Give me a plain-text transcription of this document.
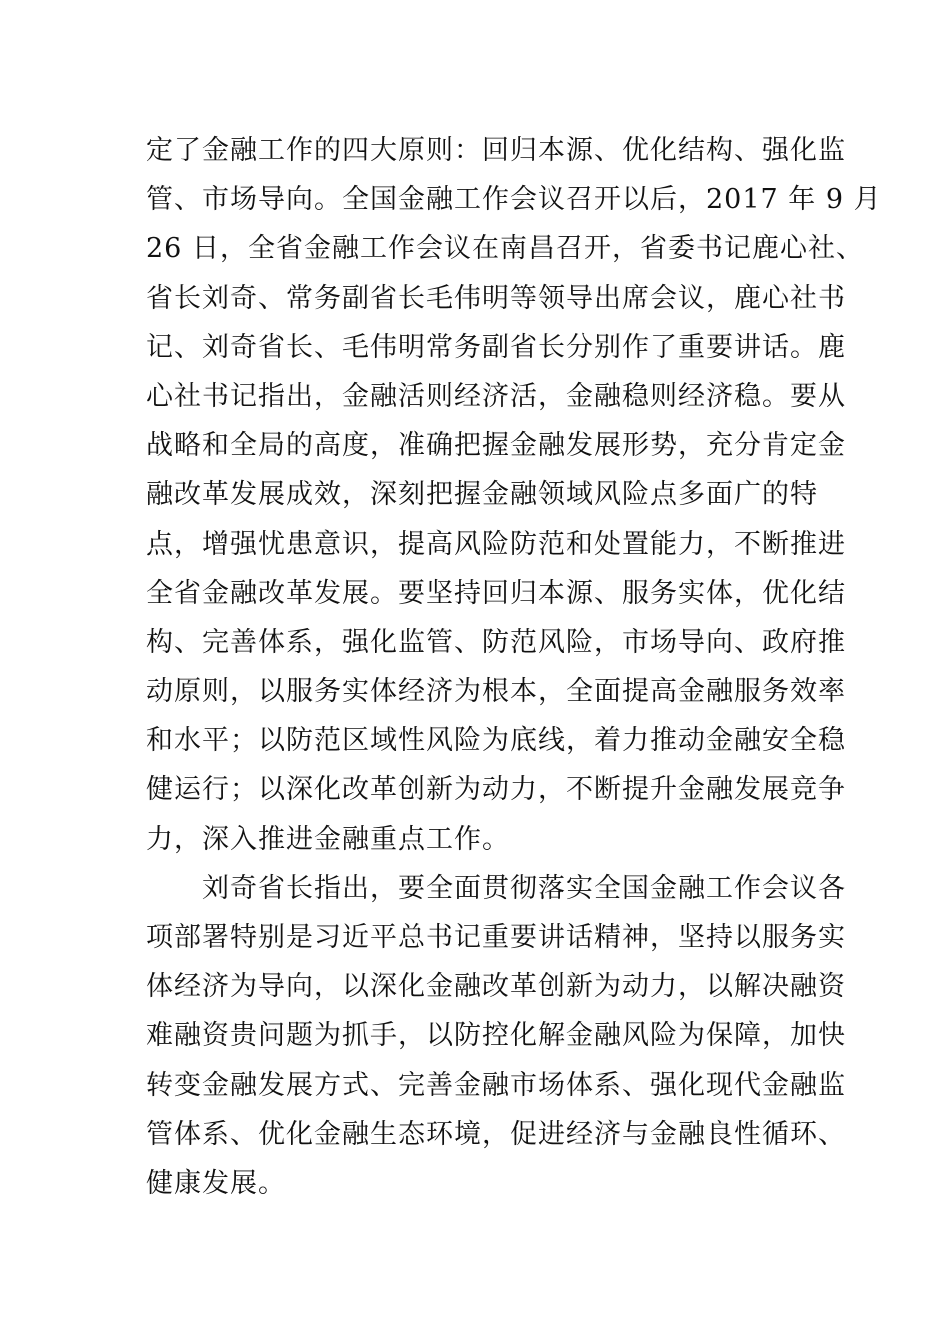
定了金融工作的四大原则：回归本源、优化结构、强化监
管、市场导向。全国金融工作会议召开以后，2017 年 9 月
26 日，全省金融工作会议在南昌召开，省委书记鹿心社、
省长刘奇、常务副省长毛伟明等领导出席会议，鹿心社书
记、刘奇省长、毛伟明常务副省长分别作了重要讲话。鹿
心社书记指出，金融活则经济活，金融稳则经济稳。要从
战略和全局的高度，准确把握金融发展形势，充分肯定金
融改革发展成效，深刻把握金融领域风险点多面广的特
点，增强忧患意识，提高风险防范和处置能力，不断推进
全省金融改革发展。要坚持回归本源、服务实体，优化结
构、完善体系，强化监管、防范风险，市场导向、政府推
动原则，以服务实体经济为根本，全面提高金融服务效率
和水平；以防范区域性风险为底线，着力推动金融安全稳
健运行；以深化改革创新为动力，不断提升金融发展竞争
力，深入推进金融重点工作。
　　刘奇省长指出，要全面贯彻落实全国金融工作会议各
项部署特别是习近平总书记重要讲话精神，坚持以服务实
体经济为导向，以深化金融改革创新为动力，以解决融资
难融资贵问题为抓手，以防控化解金融风险为保障，加快
转变金融发展方式、完善金融市场体系、强化现代金融监
管体系、优化金融生态环境，促进经济与金融良性循环、
健康发展。
